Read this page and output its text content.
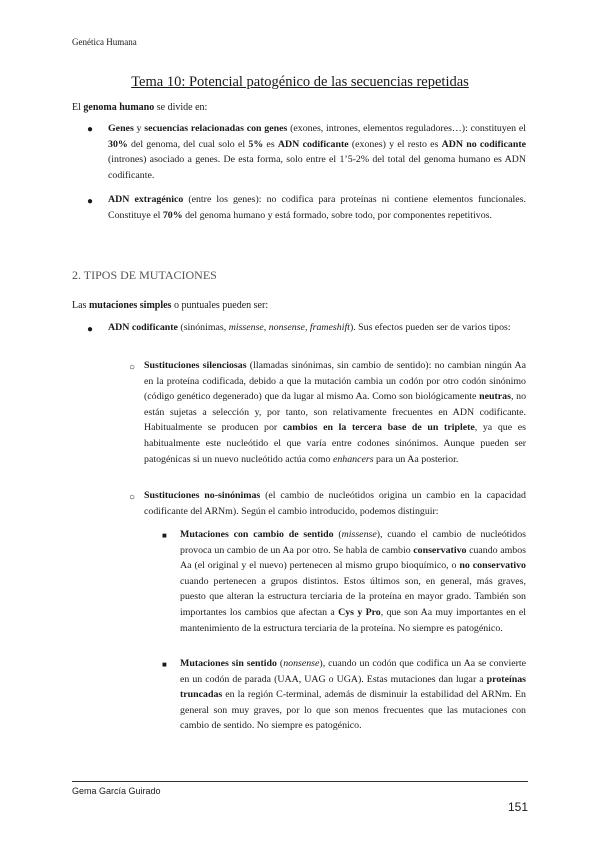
Genética Humana
Tema 10: Potencial patogénico de las secuencias repetidas
El genoma humano se divide en:
● Genes y secuencias relacionadas con genes (exones, intrones, elementos reguladores…): constituyen el 30% del genoma, del cual solo el 5% es ADN codificante (exones) y el resto es ADN no codificante (intrones) asociado a genes. De esta forma, solo entre el 1’5-2% del total del genoma humano es ADN codificante.
● ADN extragénico (entre los genes): no codifica para proteínas ni contiene elementos funcionales. Constituye el 70% del genoma humano y está formado, sobre todo, por componentes repetitivos.
2. TIPOS DE MUTACIONES
Las mutaciones simples o puntuales pueden ser:
● ADN codificante (sinónimas, missense, nonsense, frameshift). Sus efectos pueden ser de varios tipos:
○ Sustituciones silenciosas (llamadas sinónimas, sin cambio de sentido): no cambian ningún Aa en la proteína codificada, debido a que la mutación cambia un codón por otro codón sinónimo (código genético degenerado) que da lugar al mismo Aa. Como son biológicamente neutras, no están sujetas a selección y, por tanto, son relativamente frecuentes en ADN codificante. Habitualmente se producen por cambios en la tercera base de un triplete, ya que es habitualmente este nucleótido el que varía entre codones sinónimos. Aunque pueden ser patogénicas si un nuevo nucleótido actúa como enhancers para un Aa posterior.
○ Sustituciones no-sinónimas (el cambio de nucleótidos origina un cambio en la capacidad codificante del ARNm). Según el cambio introducido, podemos distinguir:
■ Mutaciones con cambio de sentido (missense), cuando el cambio de nucleótidos provoca un cambio de un Aa por otro. Se habla de cambio conservativo cuando ambos Aa (el original y el nuevo) pertenecen al mismo grupo bioquímico, o no conservativo cuando pertenecen a grupos distintos. Estos últimos son, en general, más graves, puesto que alteran la estructura terciaria de la proteína en mayor grado. También son importantes los cambios que afectan a Cys y Pro, que son Aa muy importantes en el mantenimiento de la estructura terciaria de la proteína. No siempre es patogénico.
■ Mutaciones sin sentido (nonsense), cuando un codón que codifica un Aa se convierte en un codón de parada (UAA, UAG o UGA). Estas mutaciones dan lugar a proteínas truncadas en la región C-terminal, además de disminuir la estabilidad del ARNm. En general son muy graves, por lo que son menos frecuentes que las mutaciones con cambio de sentido. No siempre es patogénico.
Gema García Guirado
151
